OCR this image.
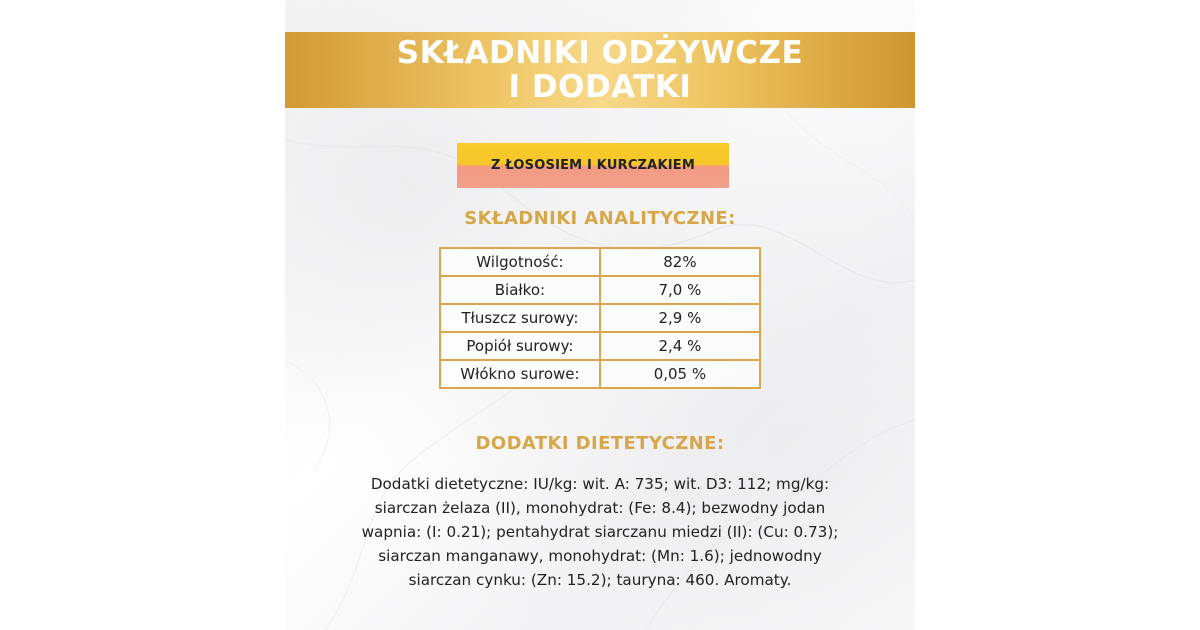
SKŁADNIKI ODŻYWCZE
I DODATKI
Z ŁOSOSIEM I KURCZAKIEM
SKŁADNIKI ANALITYCZNE:
Wilgotność:	82%
Białko:	7,0 %
Tłuszcz surowy:	2,9 %
Popiół surowy:	2,4 %
Włókno surowe:	0,05 %
DODATKI DIETETYCZNE:
Dodatki dietetyczne: IU/kg: wit. A: 735; wit. D3: 112; mg/kg:
siarczan żelaza (II), monohydrat: (Fe: 8.4); bezwodny jodan
wapnia: (I: 0.21); pentahydrat siarczanu miedzi (II): (Cu: 0.73);
siarczan manganawy, monohydrat: (Mn: 1.6); jednowodny
siarczan cynku: (Zn: 15.2); tauryna: 460. Aromaty.
